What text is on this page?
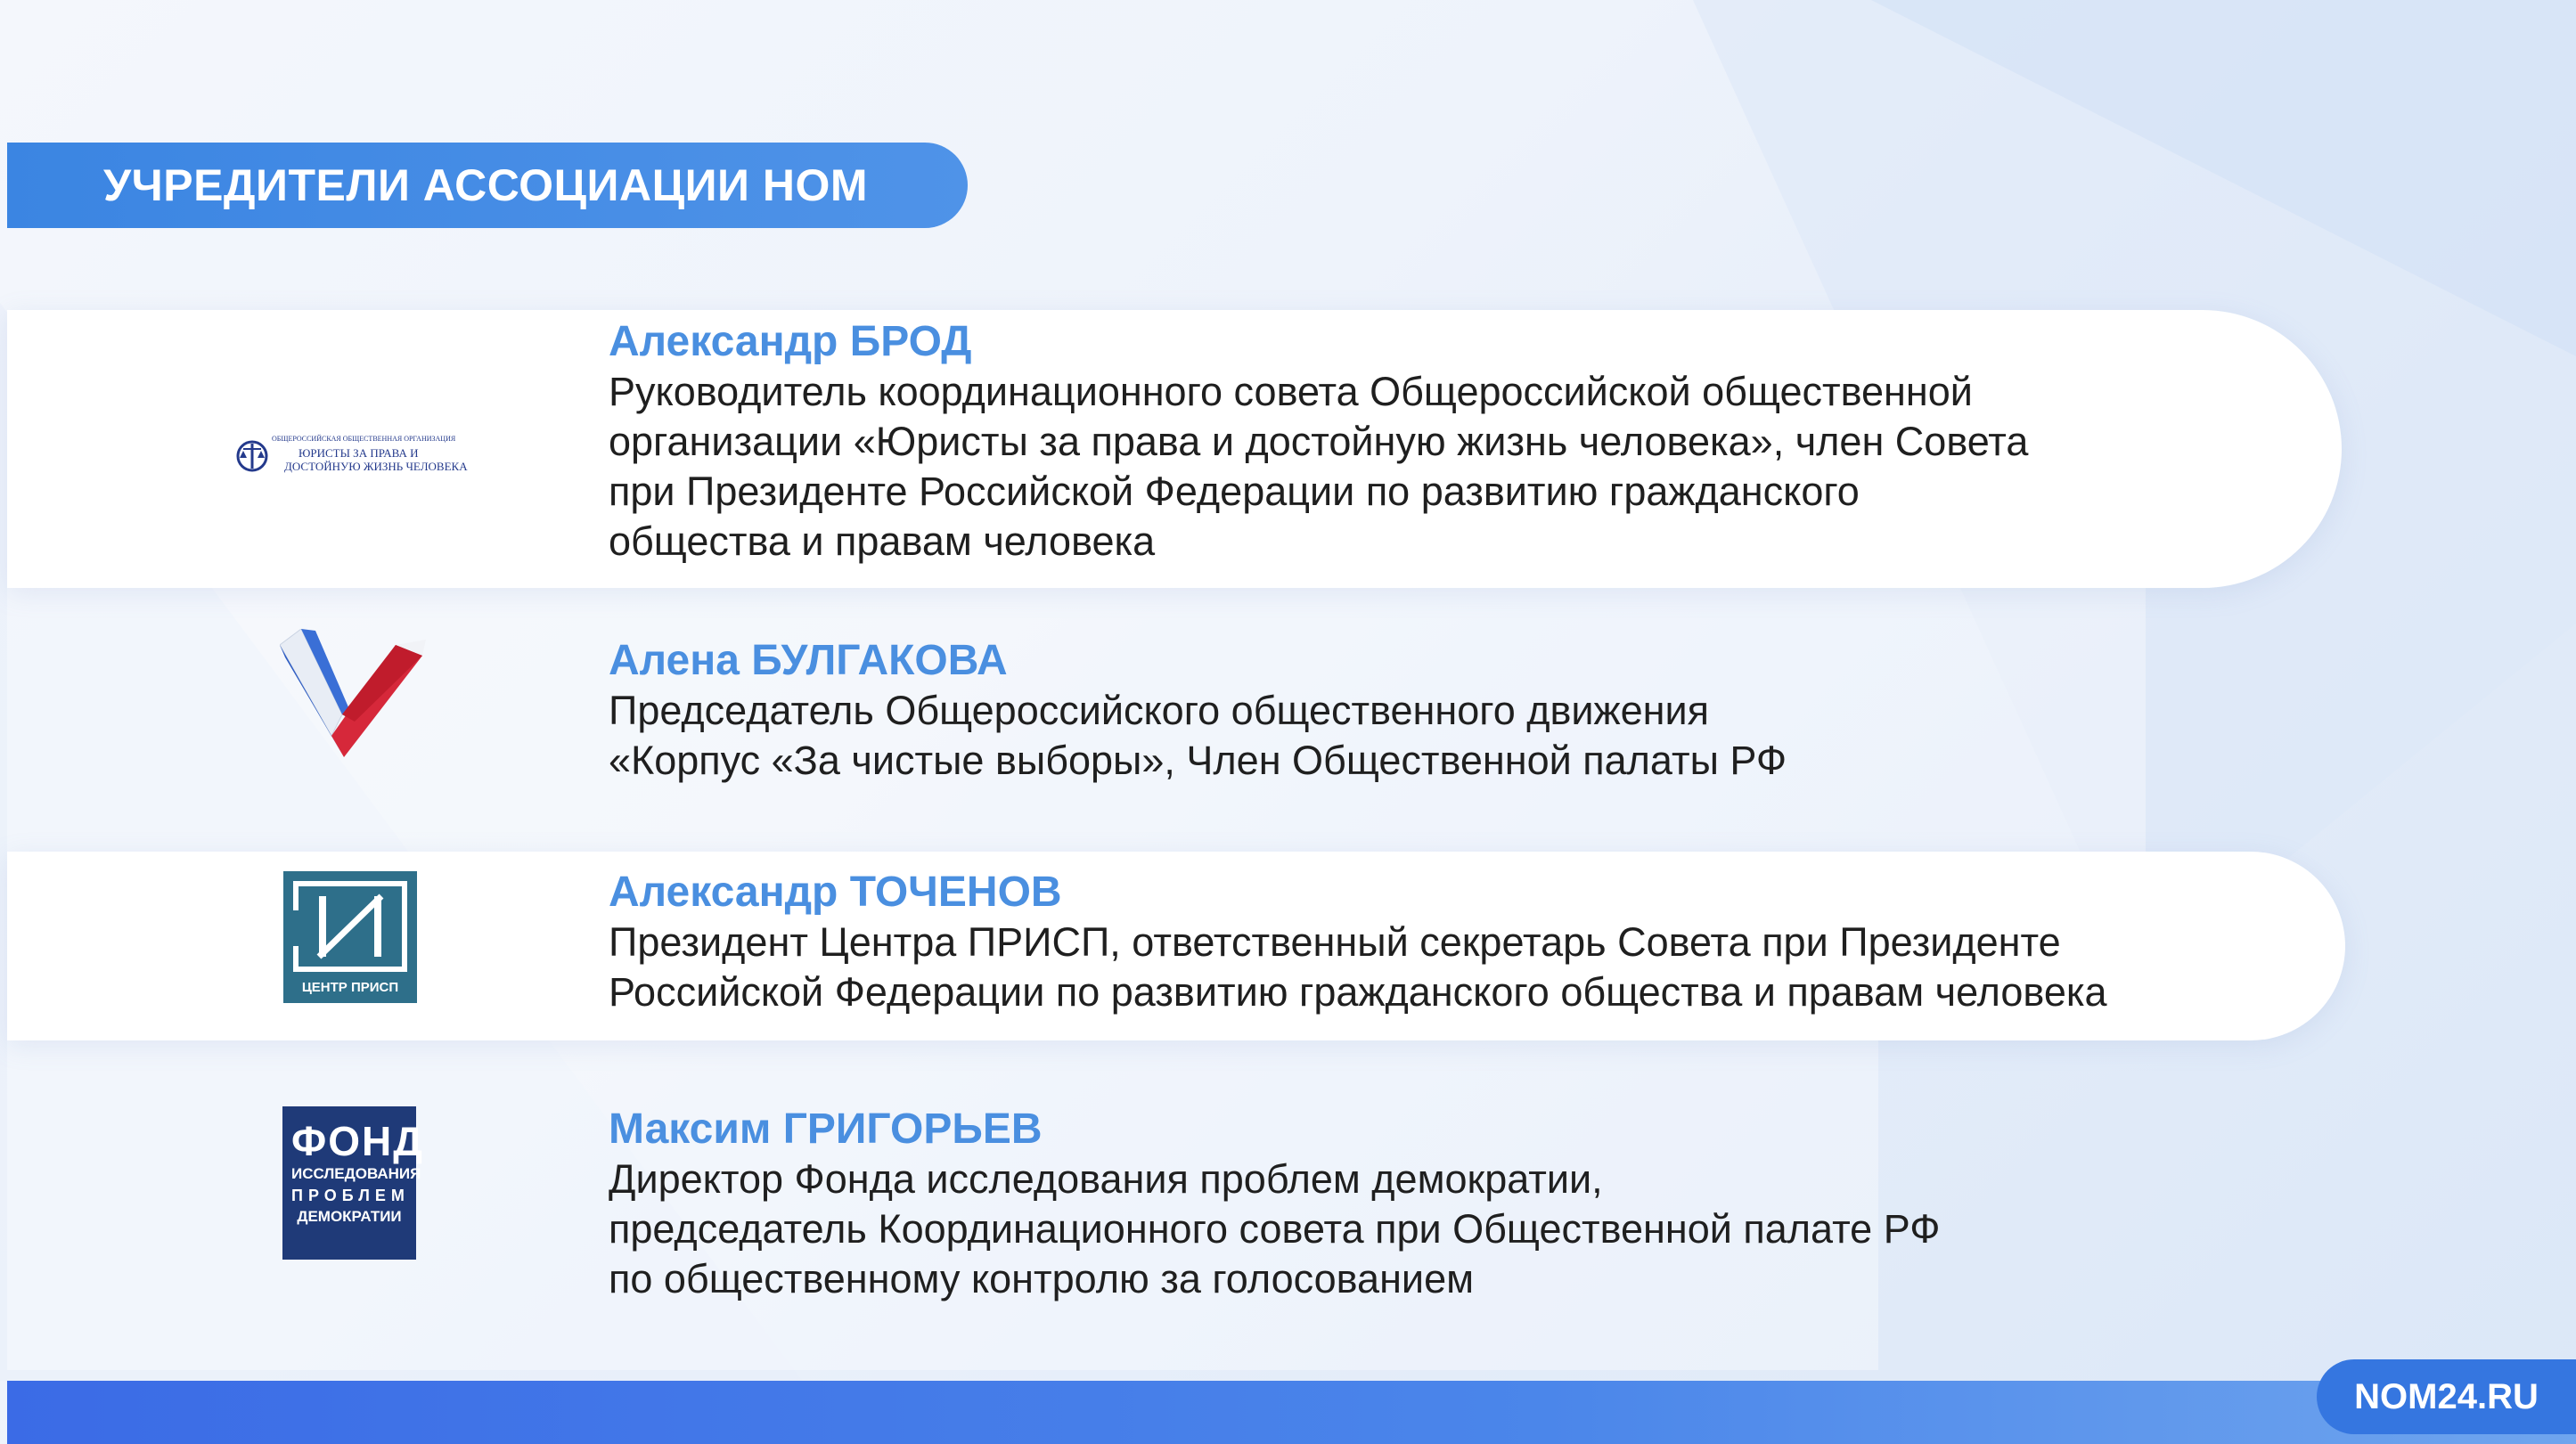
УЧРЕДИТЕЛИ АССОЦИАЦИИ НОМ
ОБЩЕРОССИЙСКАЯ ОБЩЕСТВЕННАЯ ОРГАНИЗАЦИЯ
ЮРИСТЫ ЗА ПРАВА И
ДОСТОЙНУЮ ЖИЗНЬ ЧЕЛОВЕКА
ЦЕНТР ПРИСП
ФОНД
ИССЛЕДОВАНИЯ
ПРОБЛЕМ
ДЕМОКРАТИИ
Александр БРОД
Руководитель координационного совета Общероссийской общественной
организации «Юристы за права и достойную жизнь человека», член Совета
при Президенте Российской Федерации по развитию гражданского
общества и правам человека
Алена БУЛГАКОВА
Председатель Общероссийского общественного движения
«Корпус «За чистые выборы», Член Общественной палаты РФ
Александр ТОЧЕНОВ
Президент Центра ПРИСП, ответственный секретарь Совета при Президенте
Российской Федерации по развитию гражданского общества и правам человека
Максим ГРИГОРЬЕВ
Директор Фонда исследования проблем демократии,
председатель Координационного совета при Общественной палате РФ
по общественному контролю за голосованием
NOM24.RU
